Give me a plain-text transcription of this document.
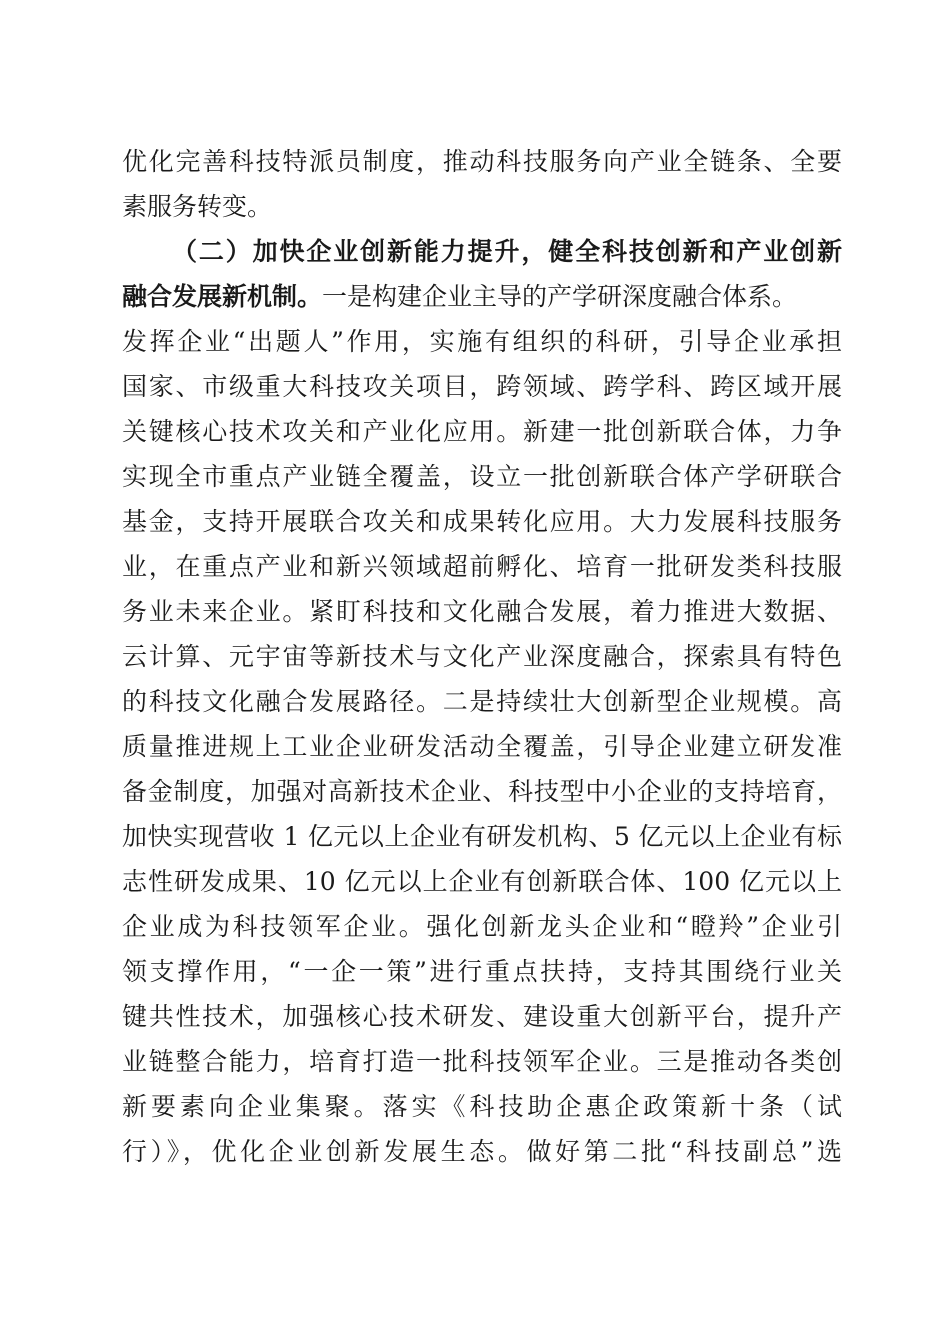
优化完善科技特派员制度，推动科技服务向产业全链条、全要
素服务转变。
（二）加快企业创新能力提升，健全科技创新和产业创新
融合发展新机制。一是构建企业主导的产学研深度融合体系。
发挥企业“出题人”作用，实施有组织的科研，引导企业承担
国家、市级重大科技攻关项目，跨领域、跨学科、跨区域开展
关键核心技术攻关和产业化应用。新建一批创新联合体，力争
实现全市重点产业链全覆盖，设立一批创新联合体产学研联合
基金，支持开展联合攻关和成果转化应用。大力发展科技服务
业，在重点产业和新兴领域超前孵化、培育一批研发类科技服
务业未来企业。紧盯科技和文化融合发展，着力推进大数据、
云计算、元宇宙等新技术与文化产业深度融合，探索具有特色
的科技文化融合发展路径。二是持续壮大创新型企业规模。高
质量推进规上工业企业研发活动全覆盖，引导企业建立研发准
备金制度，加强对高新技术企业、科技型中小企业的支持培育，
加快实现营收 1 亿元以上企业有研发机构、5 亿元以上企业有标
志性研发成果、10 亿元以上企业有创新联合体、100 亿元以上
企业成为科技领军企业。强化创新龙头企业和“瞪羚”企业引
领支撑作用，“一企一策”进行重点扶持，支持其围绕行业关
键共性技术，加强核心技术研发、建设重大创新平台，提升产
业链整合能力，培育打造一批科技领军企业。三是推动各类创
新要素向企业集聚。落实《科技助企惠企政策新十条（试
行）》，优化企业创新发展生态。做好第二批“科技副总”选
